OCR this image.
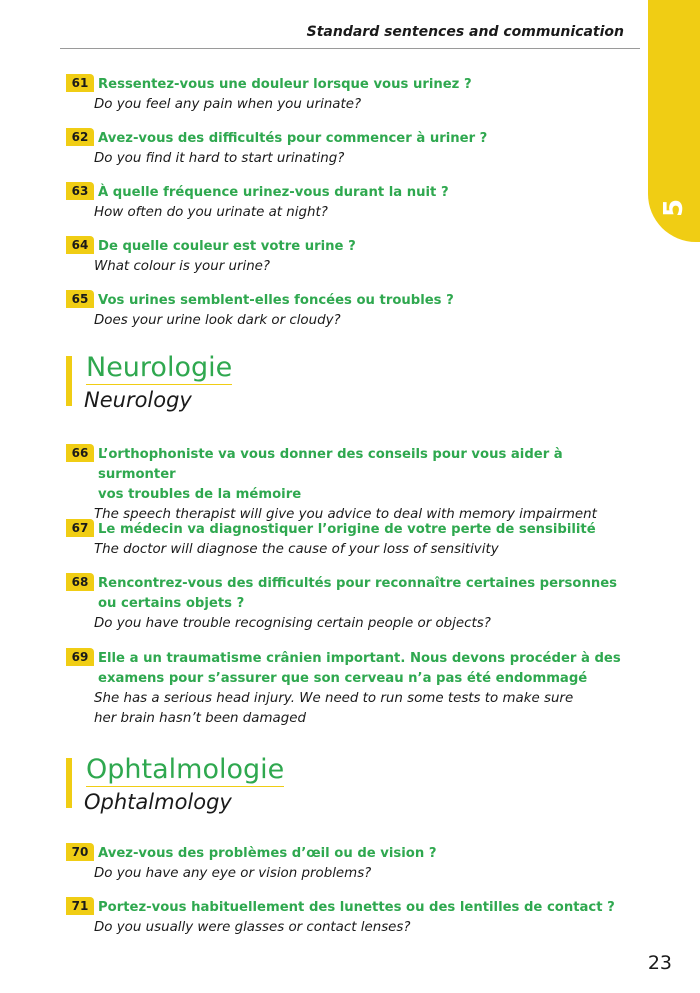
Standard sentences and communication
5
61 Ressentez-vous une douleur lorsque vous urinez ?

Do you feel any pain when you urinate?

62 Avez-vous des difficultés pour commencer à uriner ?

Do you find it hard to start urinating?

63 À quelle fréquence urinez-vous durant la nuit ?

How often do you urinate at night?

64 De quelle couleur est votre urine ?

What colour is your urine?

65 Vos urines semblent-elles foncées ou troubles ?

Does your urine look dark or cloudy?

Neurologie
Neurology
66 L’orthophoniste va vous donner des conseils pour vous aider à surmonter
vos troubles de la mémoire

The speech therapist will give you advice to deal with memory impairment

67 Le médecin va diagnostiquer l’origine de votre perte de sensibilité

The doctor will diagnose the cause of your loss of sensitivity

68 Rencontrez-vous des difficultés pour reconnaître certaines personnes
ou certains objets ?

Do you have trouble recognising certain people or objects?

69 Elle a un traumatisme crânien important. Nous devons procéder à des
examens pour s’assurer que son cerveau n’a pas été endommagé

She has a serious head injury. We need to run some tests to make sure
her brain hasn’t been damaged

Ophtalmologie
Ophtalmology
70 Avez-vous des problèmes d’œil ou de vision ?

Do you have any eye or vision problems?

71 Portez-vous habituellement des lunettes ou des lentilles de contact ?

Do you usually were glasses or contact lenses?

23
